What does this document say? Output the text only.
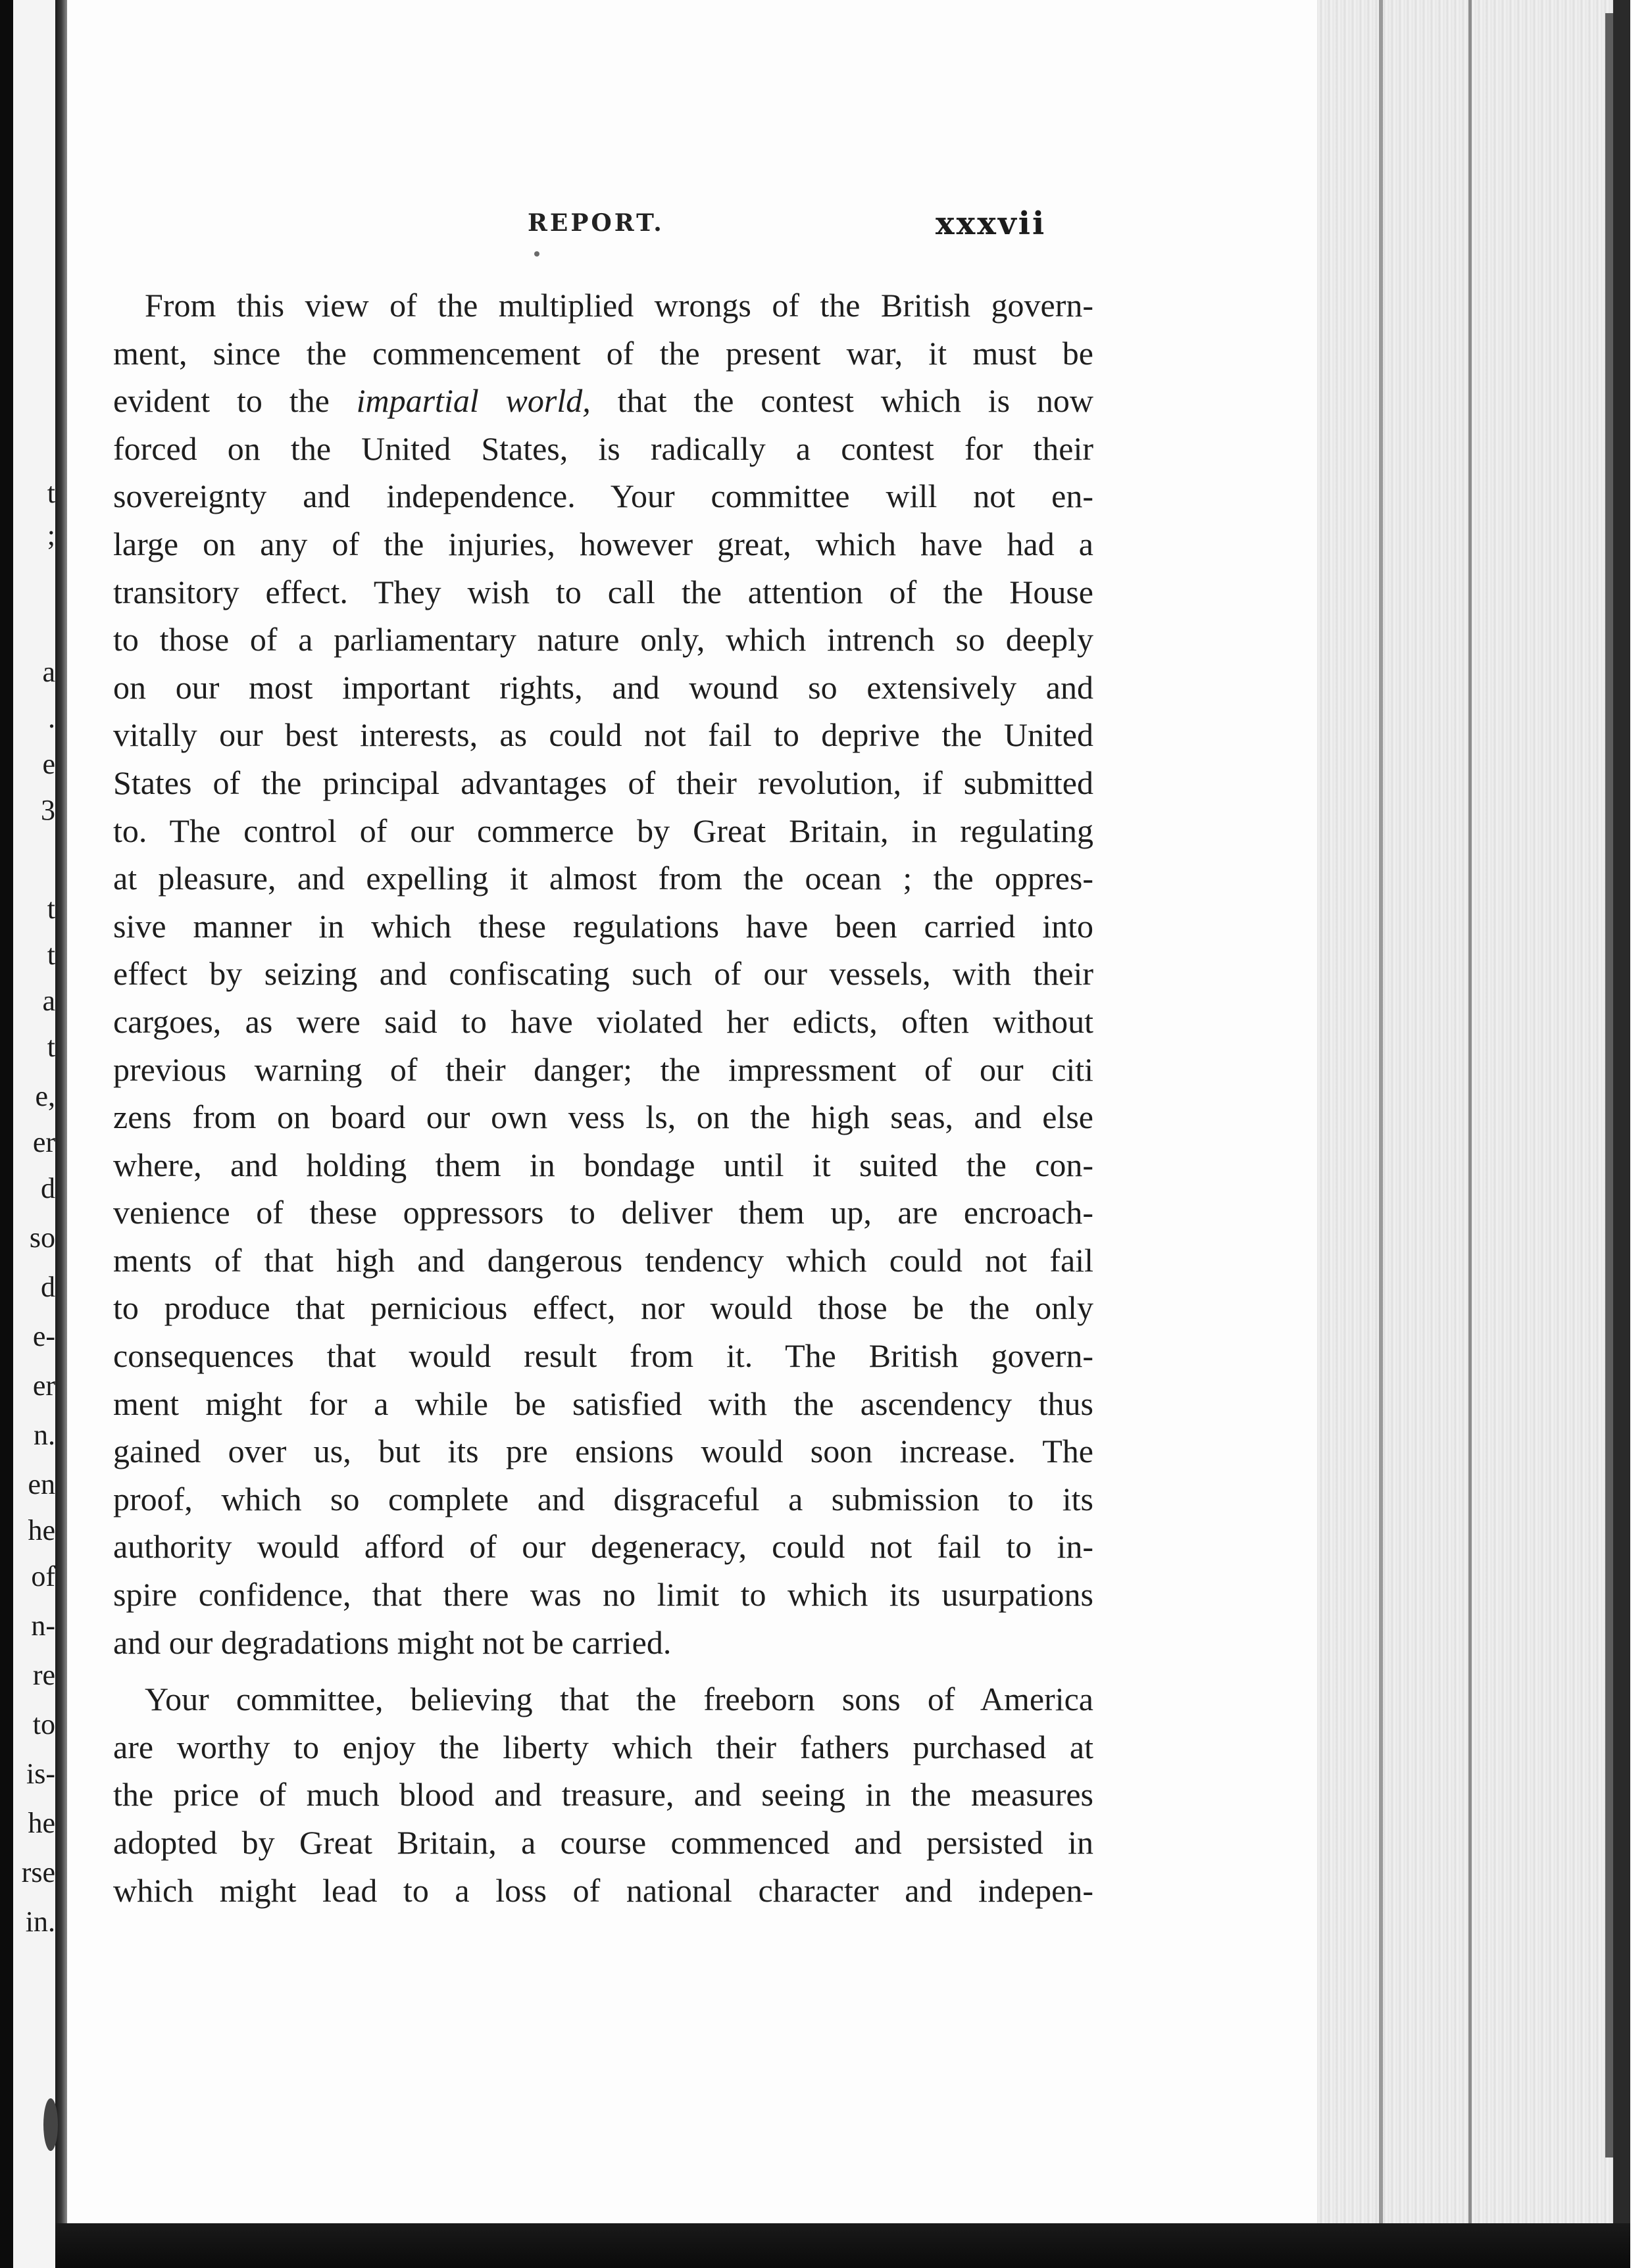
t
;
a
.
e
3
t
t
a
t
e,
er
d
so
d
e-
er
n.
en
he
of
n-
re
to
is-
he
rse
in.
REPORT.	xxxvii
From this view of the multiplied wrongs of the British govern-
ment, since the commencement of the present war, it must be
evident to the impartial world, that the contest which is now
forced on the United States, is radically a contest for their
sovereignty and independence. Your committee will not en-
large on any of the injuries, however great, which have had a
transitory effect. They wish to call the attention of the House
to those of a parliamentary nature only, which intrench so deeply
on our most important rights, and wound so extensively and
vitally our best interests, as could not fail to deprive the United
States of the principal advantages of their revolution, if submitted
to. The control of our commerce by Great Britain, in regulating
at pleasure, and expelling it almost from the ocean ; the oppres-
sive manner in which these regulations have been carried into
effect by seizing and confiscating such of our vessels, with their
cargoes, as were said to have violated her edicts, often without
previous warning of their danger; the impressment of our citi
zens from on board our own vess ls, on the high seas, and else
where, and holding them in bondage until it suited the con-
venience of these oppressors to deliver them up, are encroach-
ments of that high and dangerous tendency which could not fail
to produce that pernicious effect, nor would those be the only
consequences that would result from it. The British govern-
ment might for a while be satisfied with the ascendency thus
gained over us, but its pre ensions would soon increase. The
proof, which so complete and disgraceful a submission to its
authority would afford of our degeneracy, could not fail to in-
spire confidence, that there was no limit to which its usurpations
and our degradations might not be carried.
Your committee, believing that the freeborn sons of America
are worthy to enjoy the liberty which their fathers purchased at
the price of much blood and treasure, and seeing in the measures
adopted by Great Britain, a course commenced and persisted in
which might lead to a loss of national character and indepen-
